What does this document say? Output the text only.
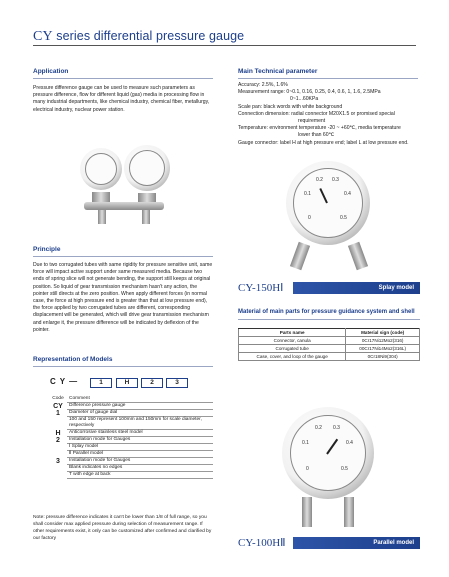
CY series differential pressure gauge
Application
Pressure difference gauge can be used to measure such parameters as pressure difference, flow for different liquid (gas) media in processing flow in many industrial departments, like chemical industry, chemical fiber, metallurgy, electrical industry, nuclear power station.
Principle
Due to two corrugated tubes with same rigidity for pressure sensitive unit, same force will impact active support under same measured media. Because two ends of spring slice will not generate bending, the support still keeps at original position. So liquid of gear transmission mechanism hasn't any action, the pointer still directs at the zero position. When apply different forces (in normal case, the force at high pressure end is greater than that at low pressure end), the force applied by two corrugated tubes are different, corresponding displacement will be generated, which will drive gear transmission mechanism and enlarge it, the pressure difference will be indicated by deflexion of the pointer.
Representation of Models
CY—	1	H	2	3
Code	Comment
CY	Difference pressure gauge
1	Diameter of gauge dial
	100 and 150 represent 100mm and 150mm for scale diameter, respectively
H	Anticorrosive stainless steel model
2	Installation mode for Gauges
	Ⅰ Splay model
	Ⅱ Parallel model
3	Installation mode for Gauges
	Blank indicates no edges
	T with edge at back
Note: pressure difference indicates it can't be lower than 1/8 of full range, so you shall consider max applied pressure during selection of measurement range. If other requirements exist, it only can be customized after confirmed and clarified by our factory
Main Technical parameter
Accuracy: 2.5%, 1.6%
Measurement range: 0~0.1, 0.16, 0.25, 0.4, 0.6, 1, 1.6, 2.5MPa
0~1...60KPa
Scale pan: black words with white background
Connection dimension: radial connector M20X1.5 or promised special
requirement
Temperature: environment temperature -20 ~ +60℃, media temperature
lower than 60℃
Gauge connector: label H at high pressure end; label L at low pressure end.
0.2 0.3
0.1	0.4
0	0.5
CY-150HⅠ	Splay model
Material of main parts for pressure guidance system and shell
Parts name	Material sign (code)
Connector, canula	0Cr17Ni12Mo2(316)
Corrugated tube	00Cr17Ni14Mo2(316L)
Case, cover, and loop of the gauge	0Cr18Ni9(304)
0.2 0.3
0.1	0.4
0	0.5
CY-100HⅡ	Parallel model
